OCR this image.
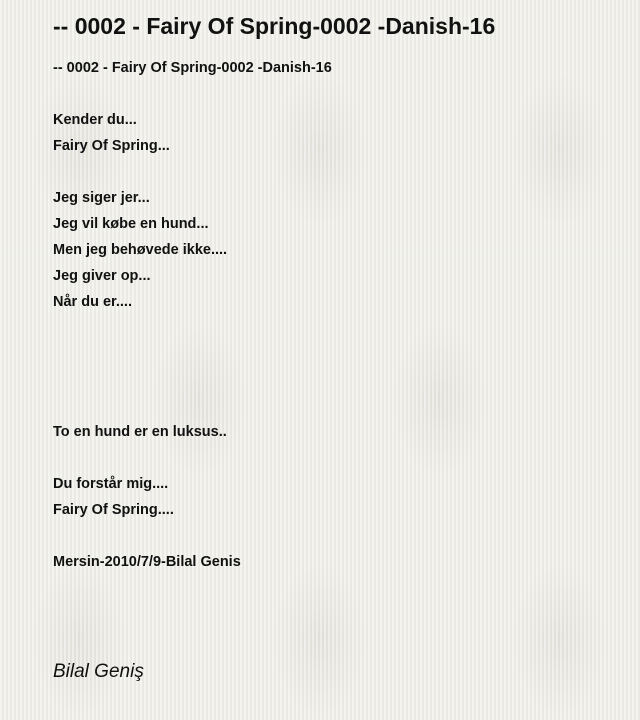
-- 0002 - Fairy Of Spring-0002 -Danish-16
-- 0002 - Fairy Of Spring-0002 -Danish-16
Kender du...
Fairy Of Spring...
Jeg siger jer...
Jeg vil købe en hund...
Men jeg behøvede ikke....
Jeg giver op...
Når du er....
To en hund er en luksus..
Du forstår mig....
Fairy Of Spring....
Mersin-2010/7/9-Bilal Genis
Bilal Geniş
